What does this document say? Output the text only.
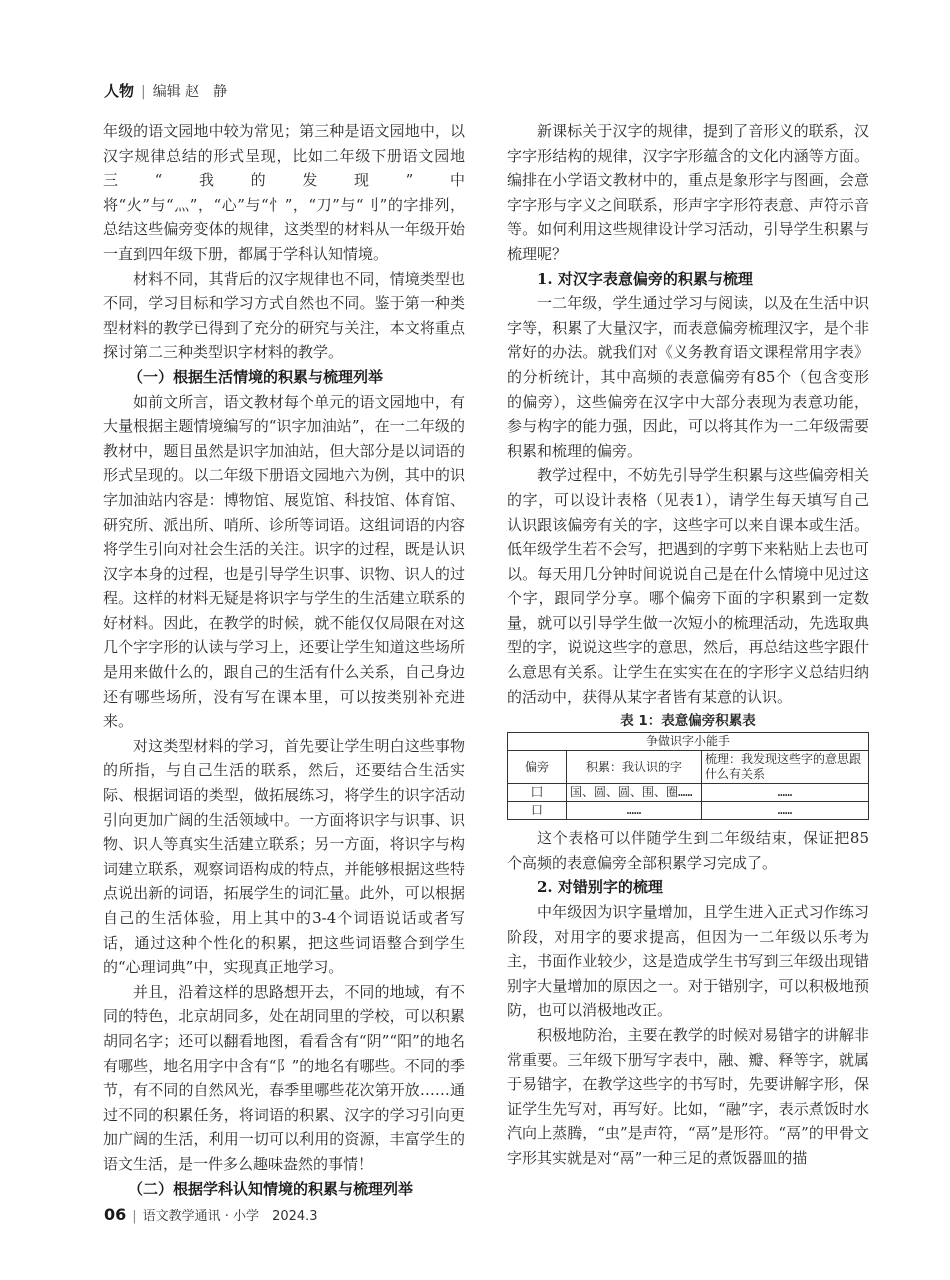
人物 | 编辑 赵　静

年级的语文园地中较为常见；第三种是语文园地中，以汉字规律总结的形式呈现，比如二年级下册语文园地三“我的发现”中将“火”与“灬”，“心”与“忄”，“刀”与“刂”的字排列，总结这些偏旁变体的规律，这类型的材料从一年级开始一直到四年级下册，都属于学科认知情境。

材料不同，其背后的汉字规律也不同，情境类型也不同，学习目标和学习方式自然也不同。鉴于第一种类型材料的教学已得到了充分的研究与关注，本文将重点探讨第二三种类型识字材料的教学。

（一）根据生活情境的积累与梳理列举

如前文所言，语文教材每个单元的语文园地中，有大量根据主题情境编写的“识字加油站”，在一二年级的教材中，题目虽然是识字加油站，但大部分是以词语的形式呈现的。以二年级下册语文园地六为例，其中的识字加油站内容是：博物馆、展览馆、科技馆、体育馆、研究所、派出所、哨所、诊所等词语。这组词语的内容将学生引向对社会生活的关注。识字的过程，既是认识汉字本身的过程，也是引导学生识事、识物、识人的过程。这样的材料无疑是将识字与学生的生活建立联系的好材料。因此，在教学的时候，就不能仅仅局限在对这几个字字形的认读与学习上，还要让学生知道这些场所是用来做什么的，跟自己的生活有什么关系，自己身边还有哪些场所，没有写在课本里，可以按类别补充进来。

对这类型材料的学习，首先要让学生明白这些事物的所指，与自己生活的联系，然后，还要结合生活实际、根据词语的类型，做拓展练习，将学生的识字活动引向更加广阔的生活领域中。一方面将识字与识事、识物、识人等真实生活建立联系；另一方面，将识字与构词建立联系，观察词语构成的特点，并能够根据这些特点说出新的词语，拓展学生的词汇量。此外，可以根据自己的生活体验，用上其中的3-4个词语说话或者写话，通过这种个性化的积累，把这些词语整合到学生的“心理词典”中，实现真正地学习。

并且，沿着这样的思路想开去，不同的地域，有不同的特色，北京胡同多，处在胡同里的学校，可以积累胡同名字；还可以翻看地图，看看含有“阴”“阳”的地名有哪些，地名用字中含有“阝”的地名有哪些。不同的季节，有不同的自然风光，春季里哪些花次第开放……通过不同的积累任务，将词语的积累、汉字的学习引向更加广阔的生活，利用一切可以利用的资源，丰富学生的语文生活，是一件多么趣味盎然的事情！

（二）根据学科认知情境的积累与梳理列举

新课标关于汉字的规律，提到了音形义的联系，汉字字形结构的规律，汉字字形蕴含的文化内涵等方面。编排在小学语文教材中的，重点是象形字与图画，会意字字形与字义之间联系，形声字字形符表意、声符示音等。如何利用这些规律设计学习活动，引导学生积累与梳理呢？

1. 对汉字表意偏旁的积累与梳理

一二年级，学生通过学习与阅读，以及在生活中识字等，积累了大量汉字，而表意偏旁梳理汉字，是个非常好的办法。就我们对《义务教育语文课程常用字表》的分析统计，其中高频的表意偏旁有85个（包含变形的偏旁），这些偏旁在汉字中大部分表现为表意功能，参与构字的能力强，因此，可以将其作为一二年级需要积累和梳理的偏旁。

教学过程中，不妨先引导学生积累与这些偏旁相关的字，可以设计表格（见表1），请学生每天填写自己认识跟该偏旁有关的字，这些字可以来自课本或生活。低年级学生若不会写，把遇到的字剪下来粘贴上去也可以。每天用几分钟时间说说自己是在什么情境中见过这个字，跟同学分享。哪个偏旁下面的字积累到一定数量，就可以引导学生做一次短小的梳理活动，先选取典型的字，说说这些字的意思，然后，再总结这些字跟什么意思有关系。让学生在实实在在的字形字义总结归纳的活动中，获得从某字者皆有某意的认识。

表 1：表意偏旁积累表
争做识字小能手		
偏旁	积累：我认识的字	梳理：我发现这些字的意思跟什么有关系
囗	国、圆、圆、围、圈……	……
口	……	……

这个表格可以伴随学生到二年级结束，保证把85个高频的表意偏旁全部积累学习完成了。

2. 对错别字的梳理

中年级因为识字量增加，且学生进入正式习作练习阶段，对用字的要求提高，但因为一二年级以乐考为主，书面作业较少，这是造成学生书写到三年级出现错别字大量增加的原因之一。对于错别字，可以积极地预防，也可以消极地改正。

积极地防治，主要在教学的时候对易错字的讲解非常重要。三年级下册写字表中，融、瓣、释等字，就属于易错字，在教学这些字的书写时，先要讲解字形，保证学生先写对，再写好。比如，“融”字，表示煮饭时水汽向上蒸腾，“虫”是声符，“鬲”是形符。“鬲”的甲骨文字形其实就是对“鬲”一种三足的煮饭器皿的描

06 | 语文教学通讯 · 小学　 2024.3
